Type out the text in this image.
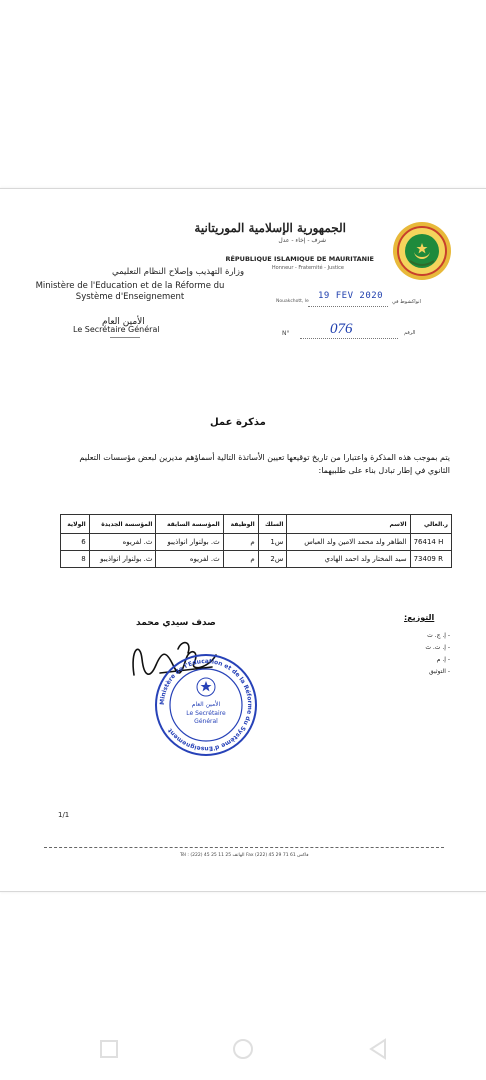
الجمهورية الإسلامية الموريتانية
شرف - إخاء - عدل
RÉPUBLIQUE ISLAMIQUE DE MAURITANIE
Honneur - Fraternité - Justice
وزارة التهذيب وإصلاح النظام التعليمي
Ministère de l'Education et de la Réforme du Système d'Enseignement
الأمين العام
Le Secrétaire Général
Nouakchott, le
19 FEV 2020
انواكشوط في
N°	076	الرقم
مذكرة عمل
يتم بموجب هذه المذكرة واعتبارا من تاريخ توقيعها تعيين الأساتذة التالية أسماؤهم مديرين لبعض مؤسسات التعليم الثانوي في إطار تبادل بناء على طلبيهما:
ر.العالي	الاسم	السلك	الوظيفة	المؤسسة السابقة	المؤسسة الجديدة	الولاية
76414 H	الطاهر ولد محمد الامين ولد العباس	س1	م	ث. بولنوار انواذيبو	ث. لفريوه	6
73409 R	سيد المختار ولد احمد الهادي	س2	م	ث. لفريوه	ث. بولنوار انواذيبو	8
صدف سيدي محمد
Ministère de l'Education et de la Réforme du Système d'Enseignement
الأمين العام
Le Secrétaire
Général
التوزيع:
- إ. ج. ت
- إ. ت. ث
- إ. م
- التوثيق
1/1
Tél : (222) 45 25 11 25 الهاتف Fax (222) 45 29 71 61 فاكس
